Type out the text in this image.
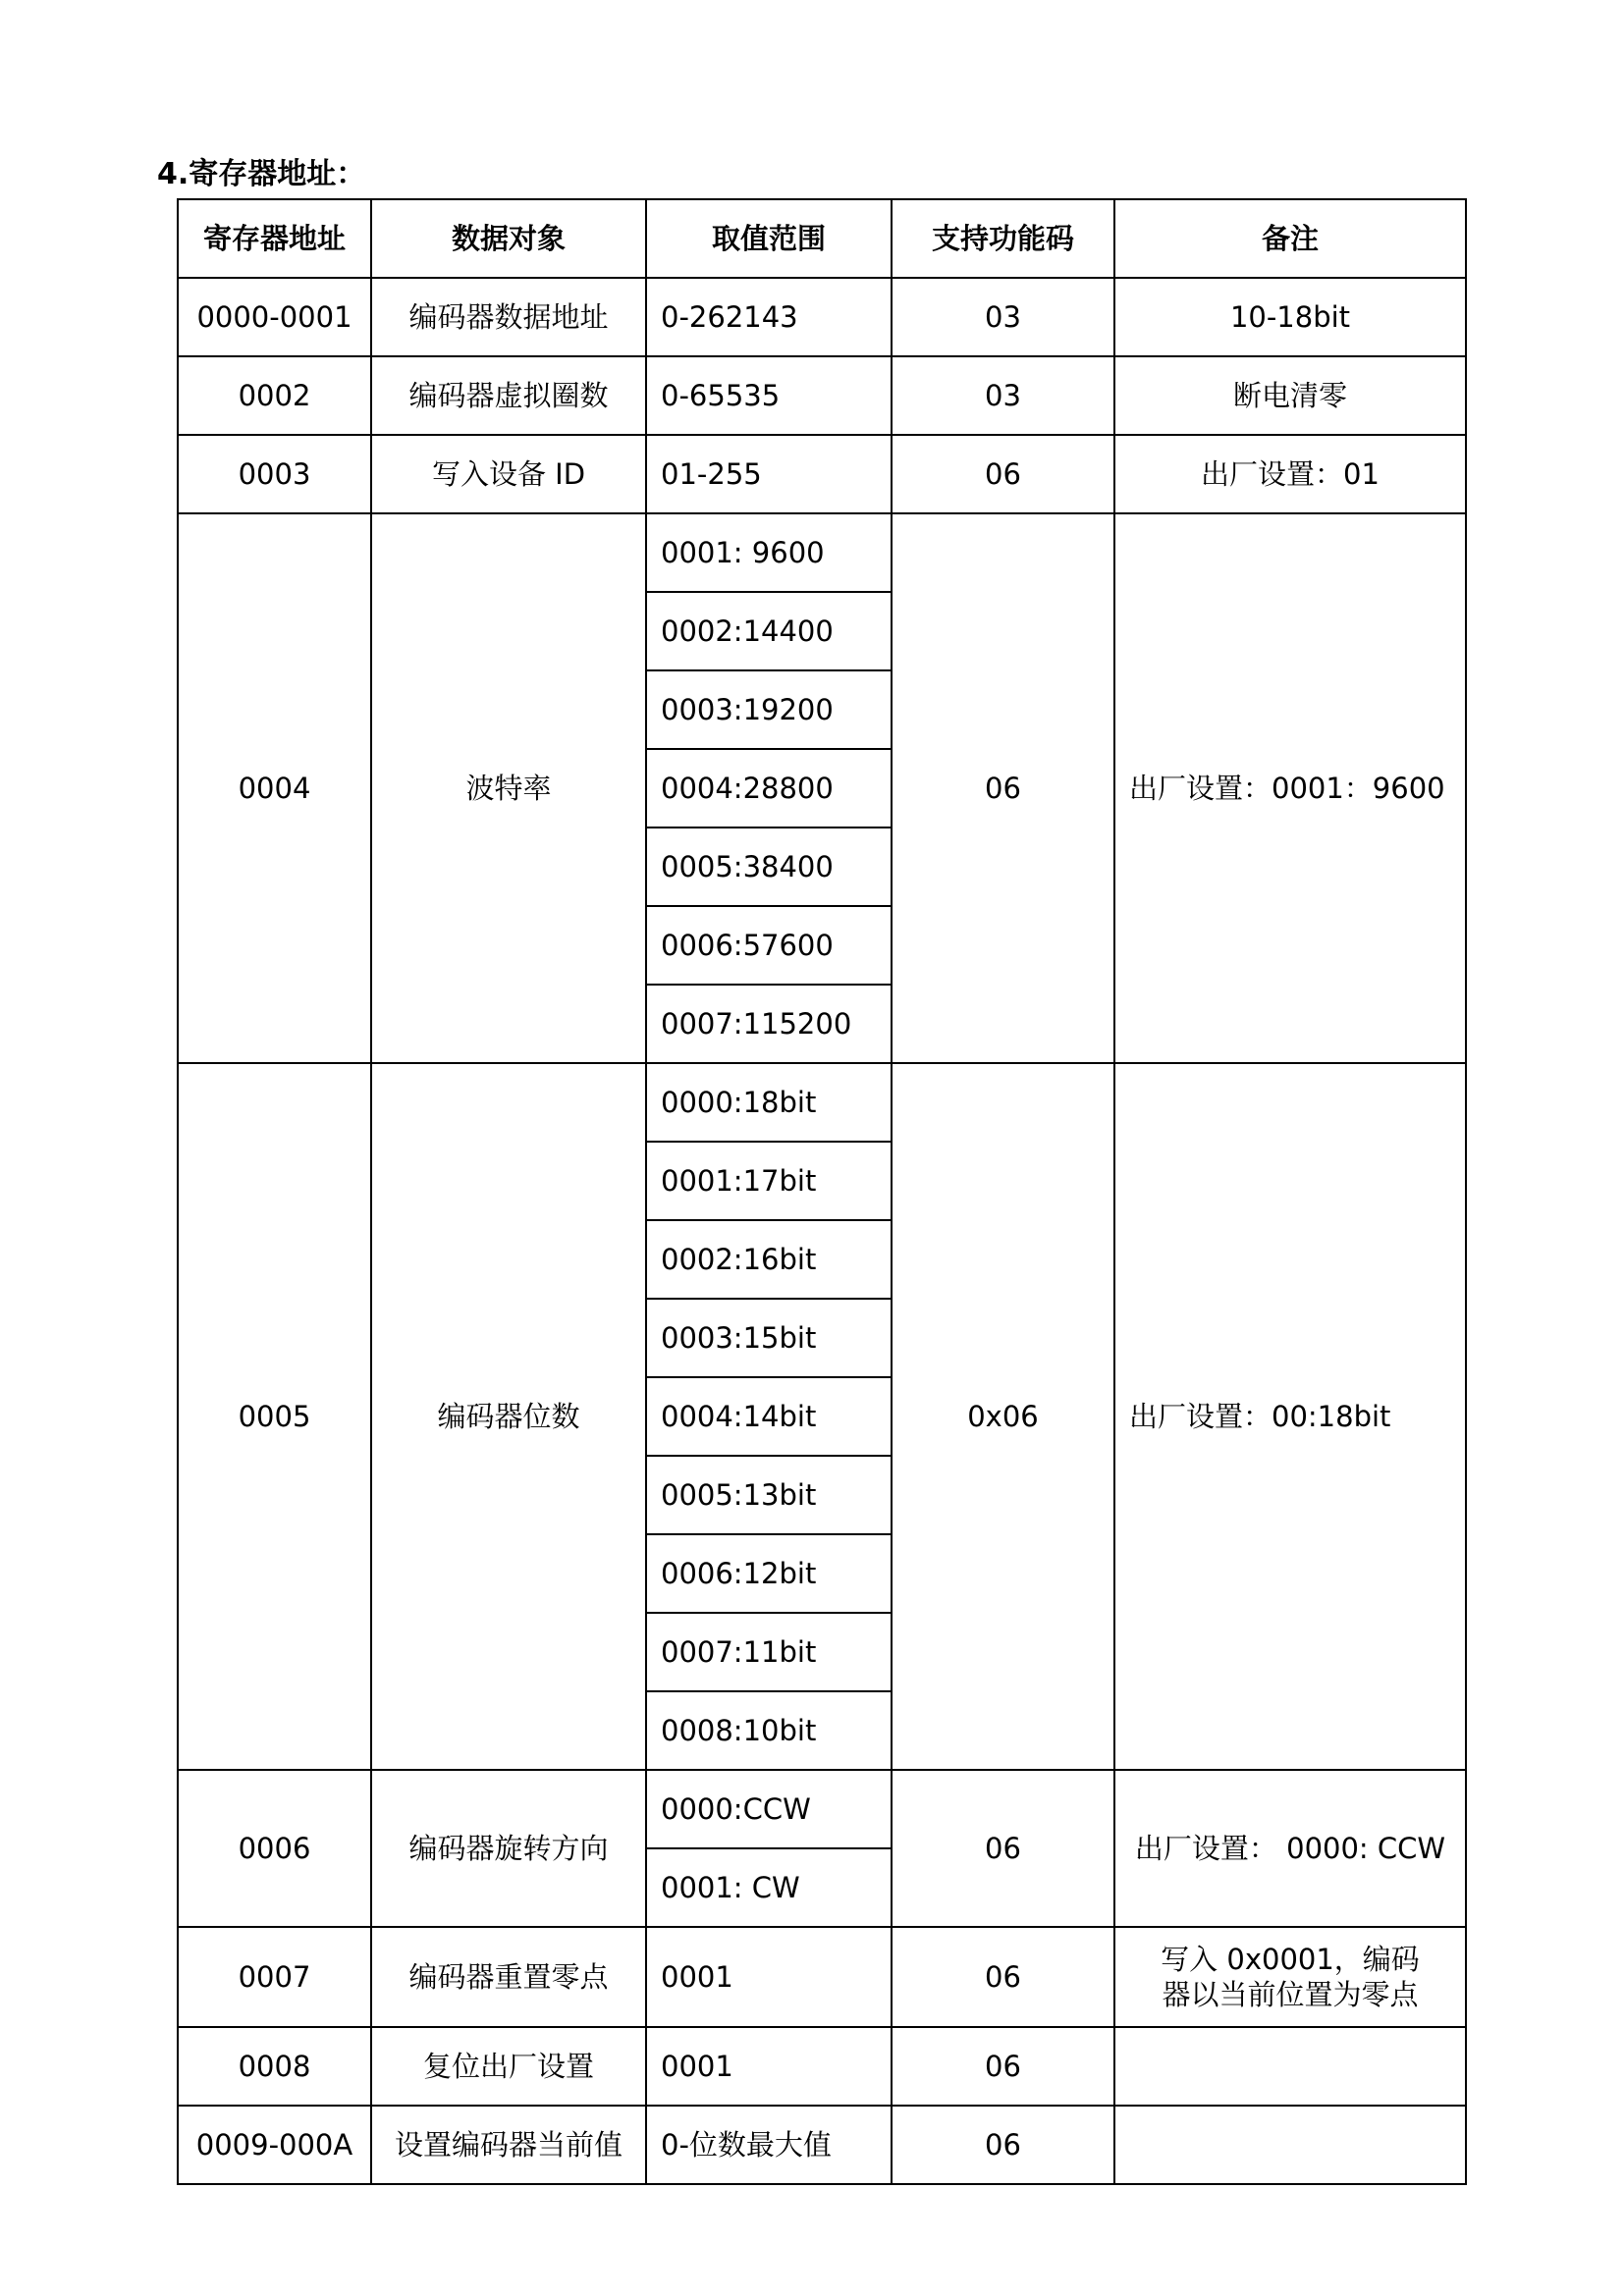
4.寄存器地址：
寄存器地址	数据对象	取值范围	支持功能码	备注
0000-0001	编码器数据地址	0-262143	03	10-18bit
0002	编码器虚拟圈数	0-65535	03	断电清零
0003	写入设备 ID	01-255	06	出厂设置：01
0004	波特率	0001: 9600	06	出厂设置：0001：9600
		0002:14400		
		0003:19200		
		0004:28800		
		0005:38400		
		0006:57600		
		0007:115200		
0005	编码器位数	0000:18bit	0x06	出厂设置：00:18bit
		0001:17bit		
		0002:16bit		
		0003:15bit		
		0004:14bit		
		0005:13bit		
		0006:12bit		
		0007:11bit		
		0008:10bit		
0006	编码器旋转方向	0000:CCW	06	出厂设置： 0000: CCW
		0001: CW		
0007	编码器重置零点	0001	06	写入 0x0001，编码
器以当前位置为零点

0008	复位出厂设置	0001	06	
0009-000A	设置编码器当前值	0-位数最大值	06	
